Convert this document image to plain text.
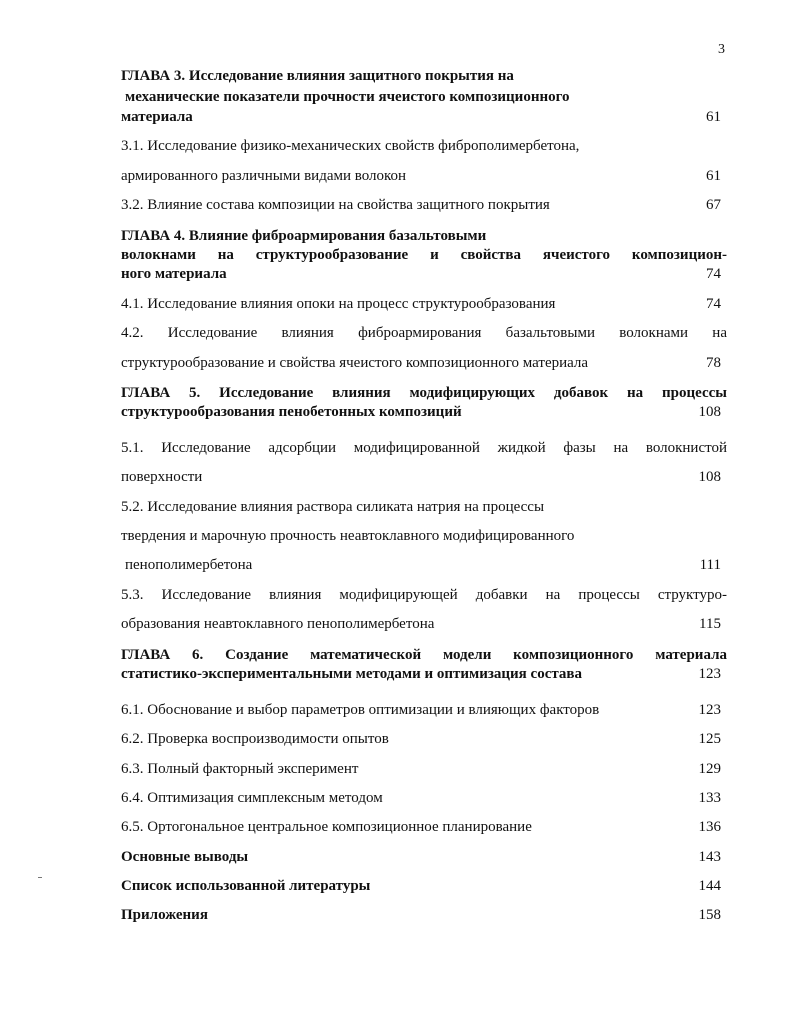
3
ГЛАВА 3. Исследование влияния защитного покрытия на
механические показатели прочности ячеистого композиционного
материала	61
3.1. Исследование физико-механических свойств фиброполимербетона,
армированного различными видами волокон	61
3.2. Влияние состава композиции на свойства защитного покрытия	67
ГЛАВА 4. Влияние фиброармирования базальтовыми
волокнами на структурообразование и свойства ячеистого композицион-
ного материала	74
4.1. Исследование влияния опоки на процесс структурообразования	74
4.2. Исследование влияния фиброармирования базальтовыми волокнами на
структурообразование и свойства ячеистого композиционного материала	78
ГЛАВА 5. Исследование влияния модифицирующих добавок на процессы
структурообразования пенобетонных композиций	108
5.1. Исследование адсорбции модифицированной жидкой фазы на волокнистой
поверхности	108
5.2. Исследование влияния раствора силиката натрия на процессы
твердения и марочную прочность неавтоклавного модифицированного
пенополимербетона	111
5.3. Исследование влияния модифицирующей добавки на процессы структуро-
образования неавтоклавного пенополимербетона	115
ГЛАВА 6. Создание математической модели композиционного материала
статистико-экспериментальными методами и оптимизация состава	123
6.1. Обоснование и выбор параметров оптимизации и влияющих факторов	123
6.2. Проверка воспроизводимости опытов	125
6.3. Полный факторный эксперимент	129
6.4. Оптимизация симплексным методом	133
6.5. Ортогональное центральное композиционное планирование	136
Основные выводы	143
Список использованной литературы	144
Приложения	158
